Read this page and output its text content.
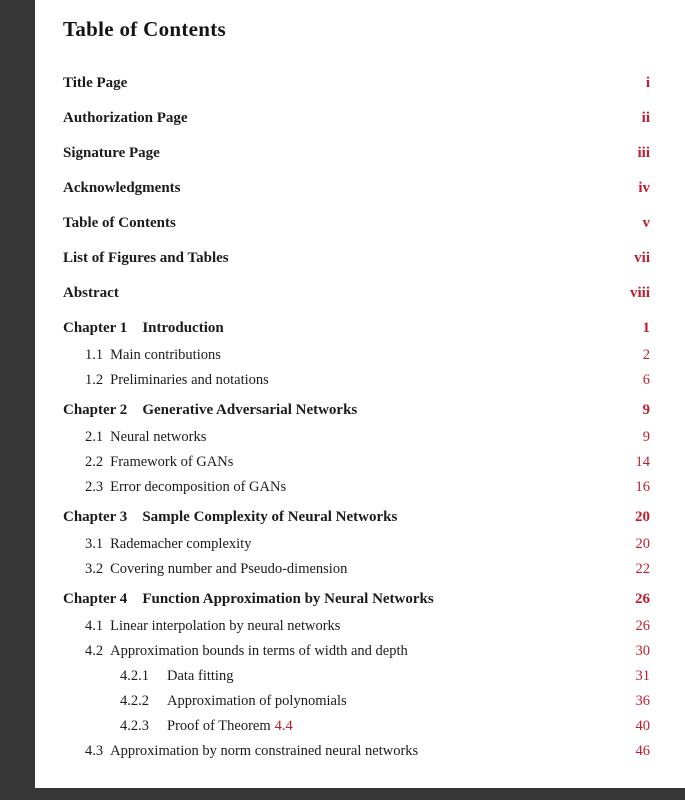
Table of Contents
Title Page	i
Authorization Page	ii
Signature Page	iii
Acknowledgments	iv
Table of Contents	v
List of Figures and Tables	vii
Abstract	viii
Chapter 1 Introduction	1
1.1 Main contributions	2
1.2 Preliminaries and notations	6
Chapter 2 Generative Adversarial Networks	9
2.1 Neural networks	9
2.2 Framework of GANs	14
2.3 Error decomposition of GANs	16
Chapter 3 Sample Complexity of Neural Networks	20
3.1 Rademacher complexity	20
3.2 Covering number and Pseudo-dimension	22
Chapter 4 Function Approximation by Neural Networks	26
4.1 Linear interpolation by neural networks	26
4.2 Approximation bounds in terms of width and depth	30
4.2.1 Data fitting	31
4.2.2 Approximation of polynomials	36
4.2.3 Proof of Theorem 4.4	40
4.3 Approximation by norm constrained neural networks	46
